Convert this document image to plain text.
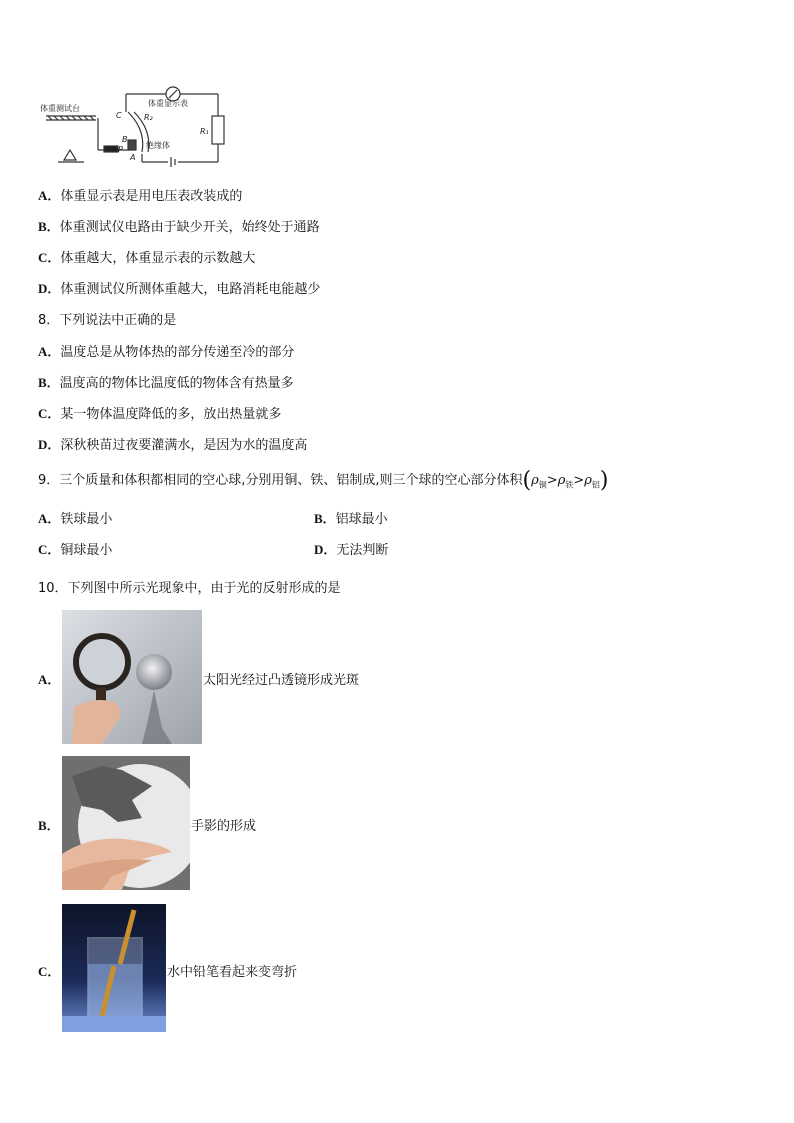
体重测试台
体重显示表
R₂
R₁
C
B
P
A
绝缘体
A．体重显示表是用电压表改装成的
B．体重测试仪电路由于缺少开关，始终处于通路
C．体重越大，体重显示表的示数越大
D．体重测试仪所测体重越大，电路消耗电能越少
8．下列说法中正确的是
A．温度总是从物体热的部分传递至冷的部分
B．温度高的物体比温度低的物体含有热量多
C．某一物体温度降低的多，放出热量就多
D．深秋秧苗过夜要灌满水，是因为水的温度高
9．三个质量和体积都相同的空心球,分别用铜、铁、铝制成,则三个球的空心部分体积$(\rho_铜>\rho_铁>\rho_铝)$
A．铁球最小	B．铝球最小
C．铜球最小	D．无法判断
10．下列图中所示光现象中，由于光的反射形成的是
A．	太阳光经过凸透镜形成光斑
B．	手影的形成
C．	水中铅笔看起来变弯折
